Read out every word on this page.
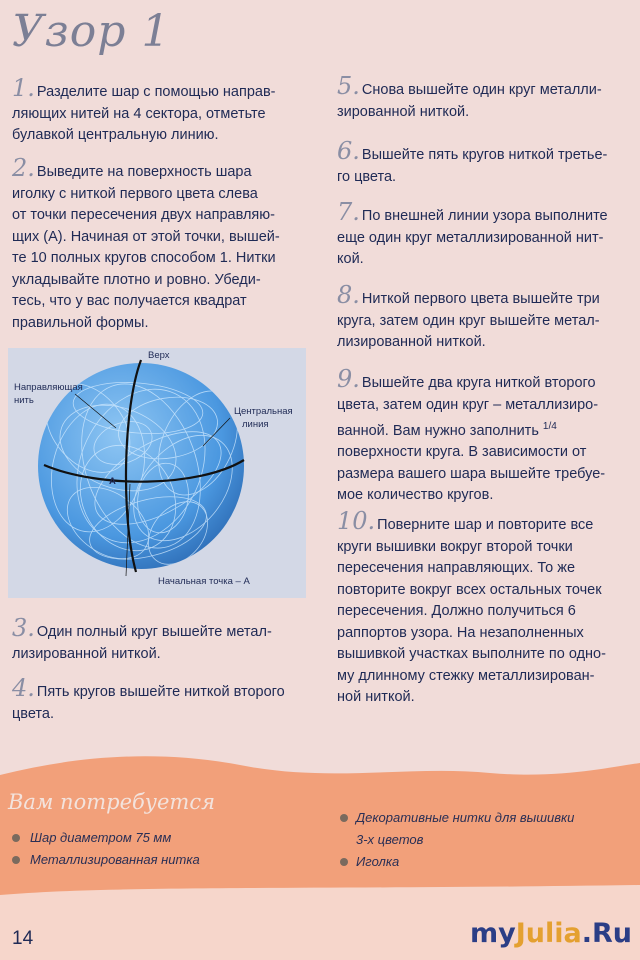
Узор 1
1. Разделите шар с помощью направ-
ляющих нитей на 4 сектора, отметьте
булавкой центральную линию.
2. Выведите на поверхность шара
иголку с ниткой первого цвета слева
от точки пересечения двух направляю-
щих (А). Начиная от этой точки, вышей-
те 10 полных кругов способом 1. Нитки
укладывайте плотно и ровно. Убеди-
тесь, что у вас получается квадрат
правильной формы.
Верх
Направляющая
нить
Центральная
линия
А
Начальная точка – А
3. Один полный круг вышейте метал-
лизированной ниткой.
4. Пять кругов вышейте ниткой второго
цвета.
5. Снова вышейте один круг металли-
зированной ниткой.
6. Вышейте пять кругов ниткой третье-
го цвета.
7. По внешней линии узора выполните
еще один круг металлизированной нит-
кой.
8. Ниткой первого цвета вышейте три
круга, затем один круг вышейте метал-
лизированной ниткой.
9. Вышейте два круга ниткой второго
цвета, затем один круг – металлизиро-
ванной. Вам нужно заполнить $^{1/4}$
поверхности круга. В зависимости от
размера вашего шара вышейте требуе-
мое количество кругов.
10. Поверните шар и повторите все
круги вышивки вокруг второй точки
пересечения направляющих. То же
повторите вокруг всех остальных точек
пересечения. Должно получиться 6
раппортов узора. На незаполненных
вышивкой участках выполните по одно-
му длинному стежку металлизирован-
ной ниткой.
Вам потребуется
Шар диаметром 75 мм
Металлизированная нитка
Декоративные нитки для вышивки
3-х цветов
Иголка
14	myJulia.Ru
